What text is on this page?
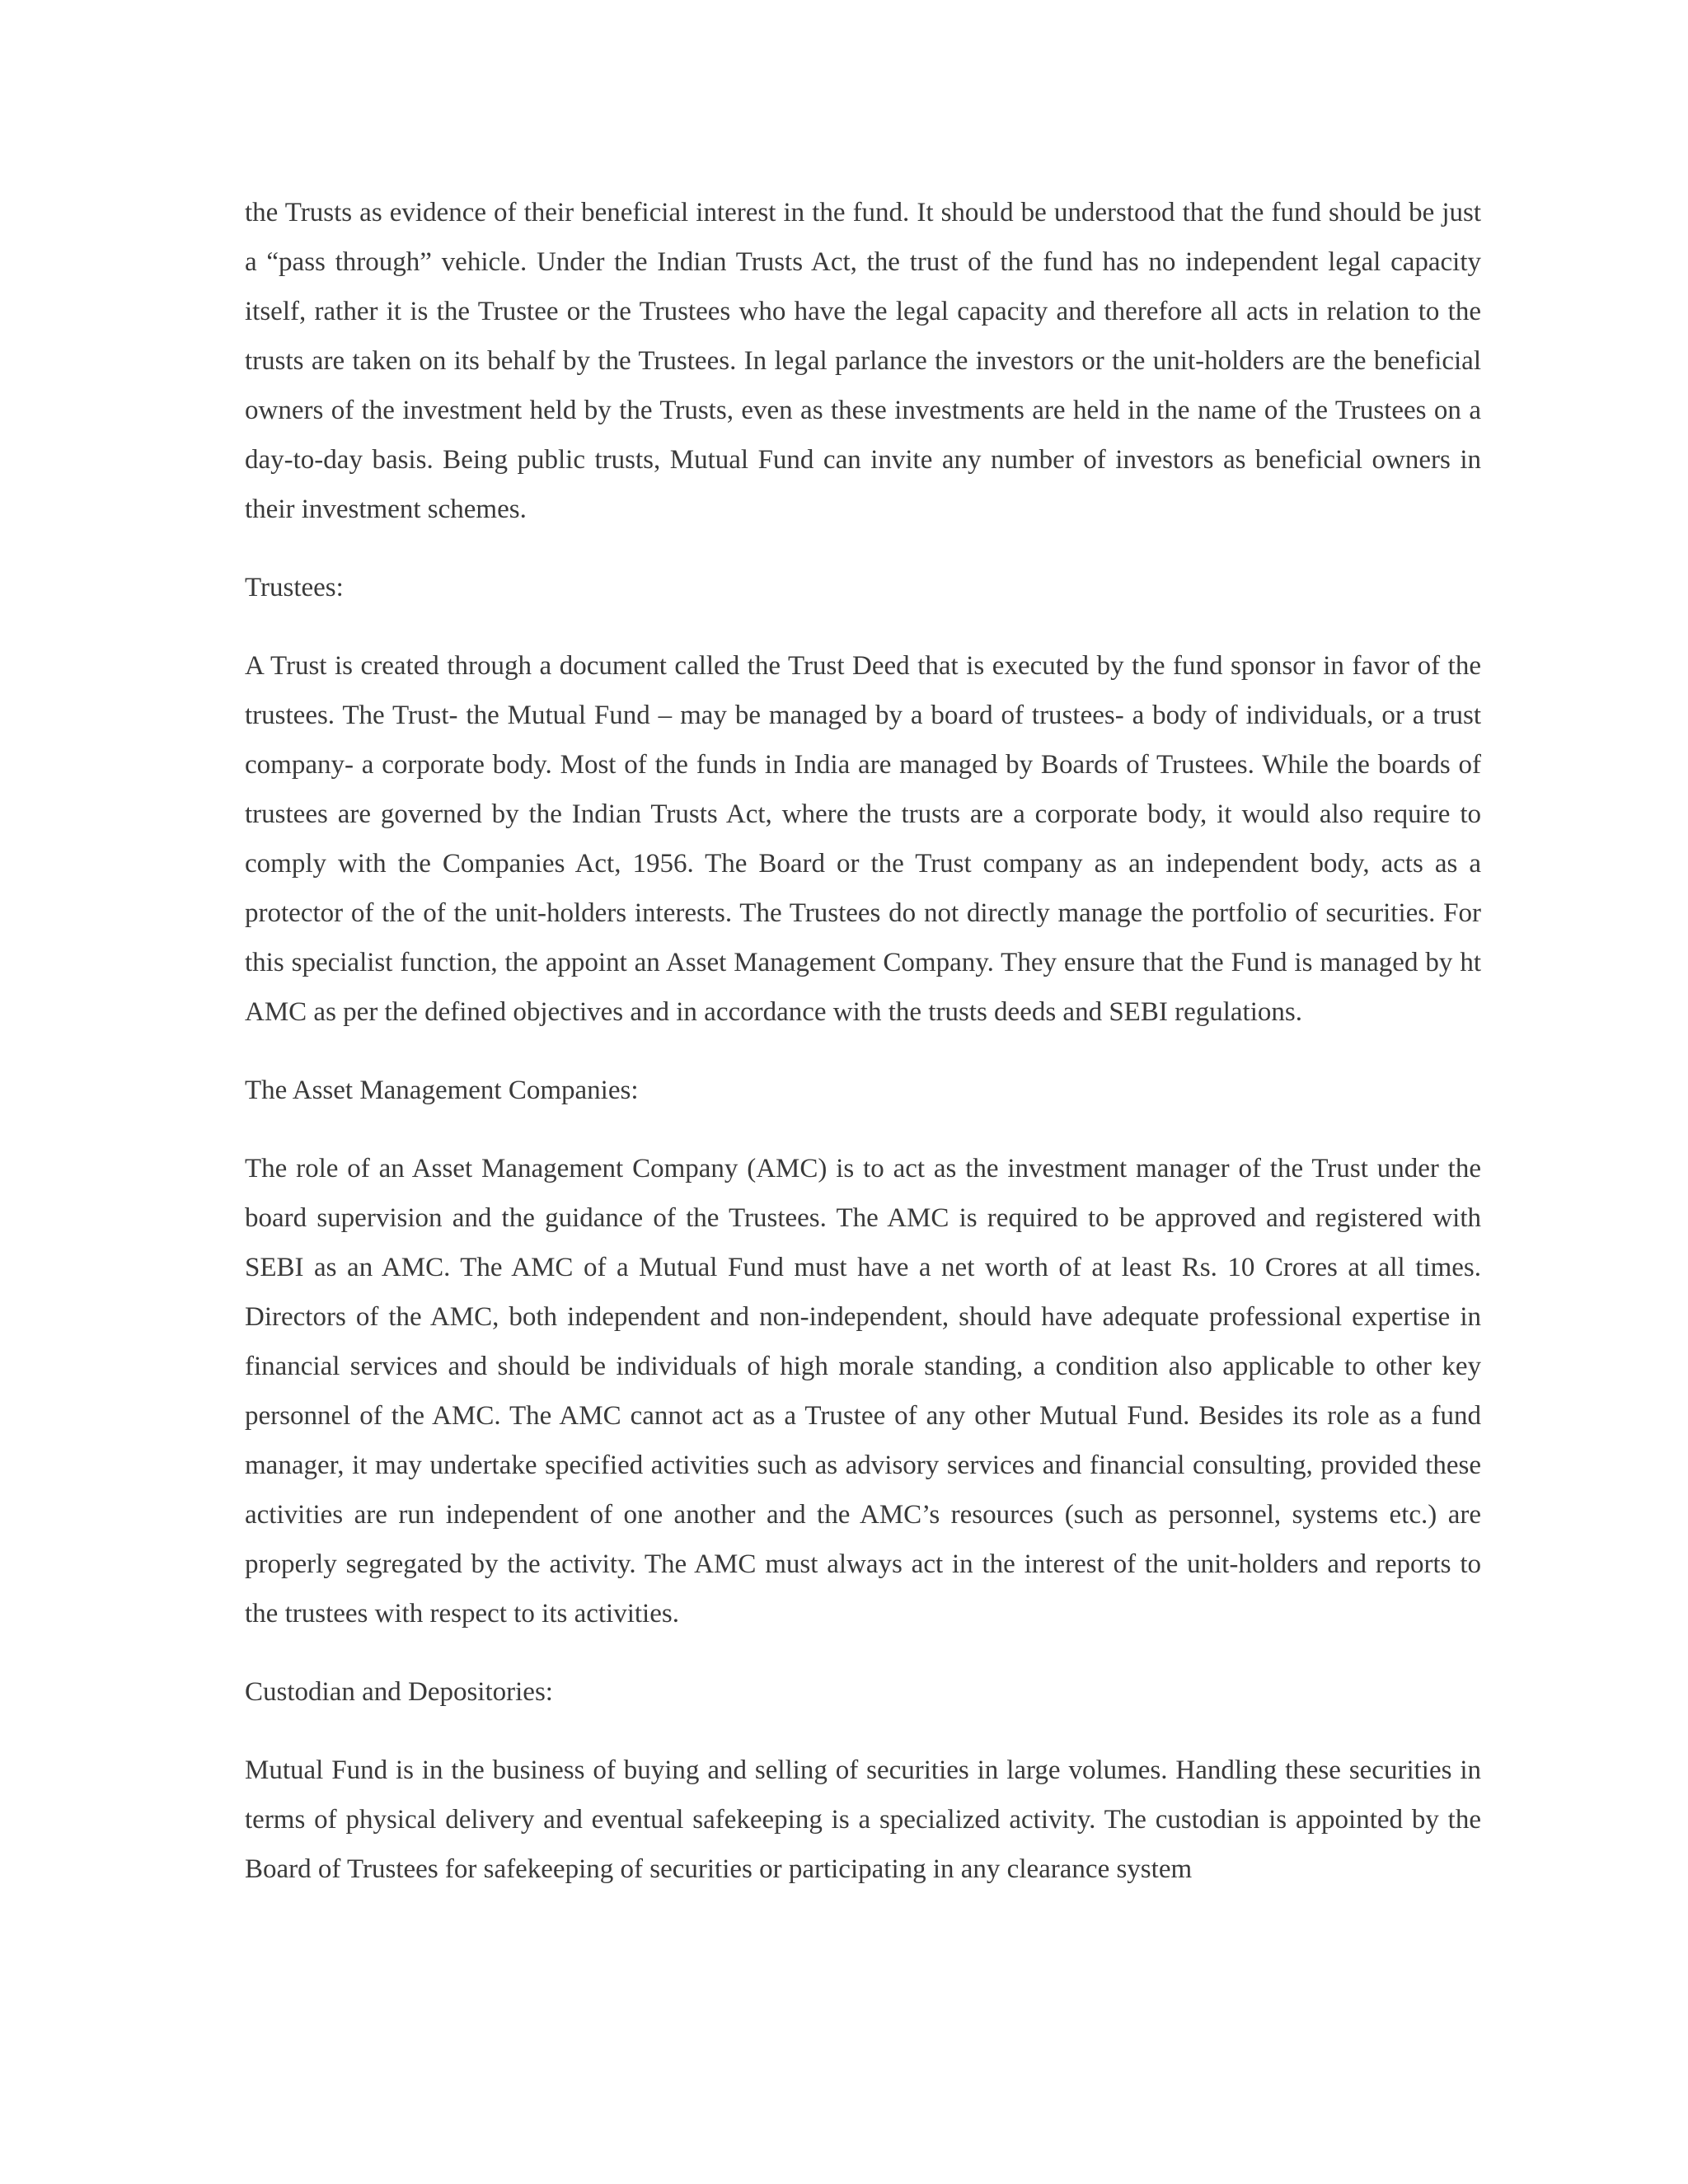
the Trusts as evidence of their beneficial interest in the fund. It should be understood that the fund should be just a “pass through” vehicle. Under the Indian Trusts Act, the trust of the fund has no independent legal capacity itself, rather it is the Trustee or the Trustees who have the legal capacity and therefore all acts in relation to the trusts are taken on its behalf by the Trustees. In legal parlance the investors or the unit-holders are the beneficial owners of the investment held by the Trusts, even as these investments are held in the name of the Trustees on a day-to-day basis. Being public trusts, Mutual Fund can invite any number of investors as beneficial owners in their investment schemes.

Trustees:

A Trust is created through a document called the Trust Deed that is executed by the fund sponsor in favor of the trustees. The Trust- the Mutual Fund – may be managed by a board of trustees- a body of individuals, or a trust company- a corporate body. Most of the funds in India are managed by Boards of Trustees. While the boards of trustees are governed by the Indian Trusts Act, where the trusts are a corporate body, it would also require to comply with the Companies Act, 1956. The Board or the Trust company as an independent body, acts as a protector of the of the unit-holders interests. The Trustees do not directly manage the portfolio of securities. For this specialist function, the appoint an Asset Management Company. They ensure that the Fund is managed by ht AMC as per the defined objectives and in accordance with the trusts deeds and SEBI regulations.

The Asset Management Companies:

The role of an Asset Management Company (AMC) is to act as the investment manager of the Trust under the board supervision and the guidance of the Trustees. The AMC is required to be approved and registered with SEBI as an AMC. The AMC of a Mutual Fund must have a net worth of at least Rs. 10 Crores at all times. Directors of the AMC, both independent and non-independent, should have adequate professional expertise in financial services and should be individuals of high morale standing, a condition also applicable to other key personnel of the AMC. The AMC cannot act as a Trustee of any other Mutual Fund. Besides its role as a fund manager, it may undertake specified activities such as advisory services and financial consulting, provided these activities are run independent of one another and the AMC’s resources (such as personnel, systems etc.) are properly segregated by the activity. The AMC must always act in the interest of the unit-holders and reports to the trustees with respect to its activities.

Custodian and Depositories:

Mutual Fund is in the business of buying and selling of securities in large volumes. Handling these securities in terms of physical delivery and eventual safekeeping is a specialized activity. The custodian is appointed by the Board of Trustees for safekeeping of securities or participating in any clearance system
